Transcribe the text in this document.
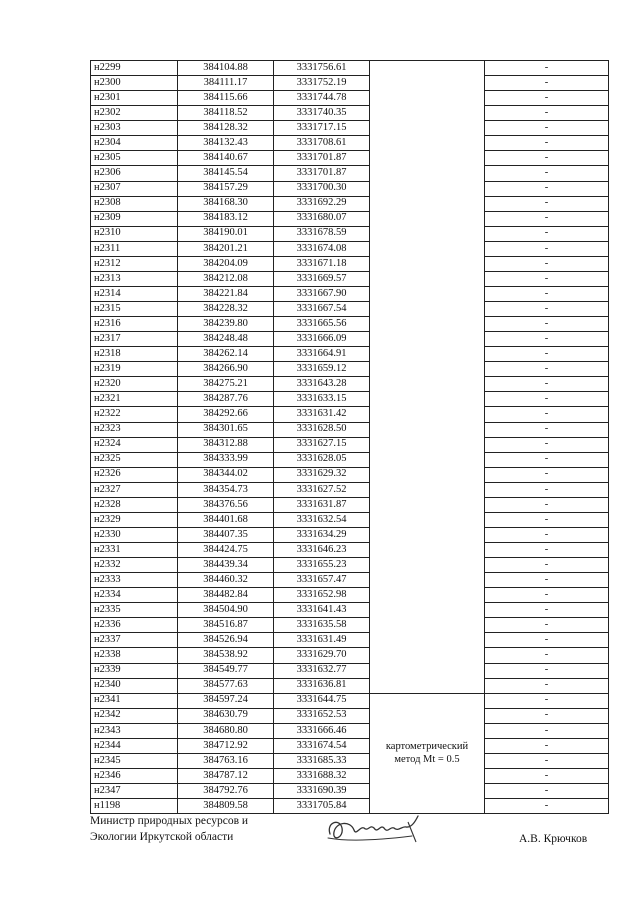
н2299	384104.88	3331756.61		-
н2300	384111.17	3331752.19		-
н2301	384115.66	3331744.78		-
н2302	384118.52	3331740.35		-
н2303	384128.32	3331717.15		-
н2304	384132.43	3331708.61		-
н2305	384140.67	3331701.87		-
н2306	384145.54	3331701.87		-
н2307	384157.29	3331700.30		-
н2308	384168.30	3331692.29		-
н2309	384183.12	3331680.07		-
н2310	384190.01	3331678.59		-
н2311	384201.21	3331674.08		-
н2312	384204.09	3331671.18		-
н2313	384212.08	3331669.57		-
н2314	384221.84	3331667.90		-
н2315	384228.32	3331667.54		-
н2316	384239.80	3331665.56		-
н2317	384248.48	3331666.09		-
н2318	384262.14	3331664.91		-
н2319	384266.90	3331659.12		-
н2320	384275.21	3331643.28		-
н2321	384287.76	3331633.15		-
н2322	384292.66	3331631.42		-
н2323	384301.65	3331628.50		-
н2324	384312.88	3331627.15		-
н2325	384333.99	3331628.05		-
н2326	384344.02	3331629.32		-
н2327	384354.73	3331627.52		-
н2328	384376.56	3331631.87		-
н2329	384401.68	3331632.54		-
н2330	384407.35	3331634.29		-
н2331	384424.75	3331646.23		-
н2332	384439.34	3331655.23		-
н2333	384460.32	3331657.47		-
н2334	384482.84	3331652.98		-
н2335	384504.90	3331641.43		-
н2336	384516.87	3331635.58		-
н2337	384526.94	3331631.49		-
н2338	384538.92	3331629.70		-
н2339	384549.77	3331632.77		-
н2340	384577.63	3331636.81		-
н2341	384597.24	3331644.75	картометрический
метод Mt = 0.5	-
н2342	384630.79	3331652.53		-
н2343	384680.80	3331666.46		-
н2344	384712.92	3331674.54		-
н2345	384763.16	3331685.33		-
н2346	384787.12	3331688.32		-
н2347	384792.76	3331690.39		-
н1198	384809.58	3331705.84		-
Министр природных ресурсов и
Экологии Иркутской области	А.В. Крючков
